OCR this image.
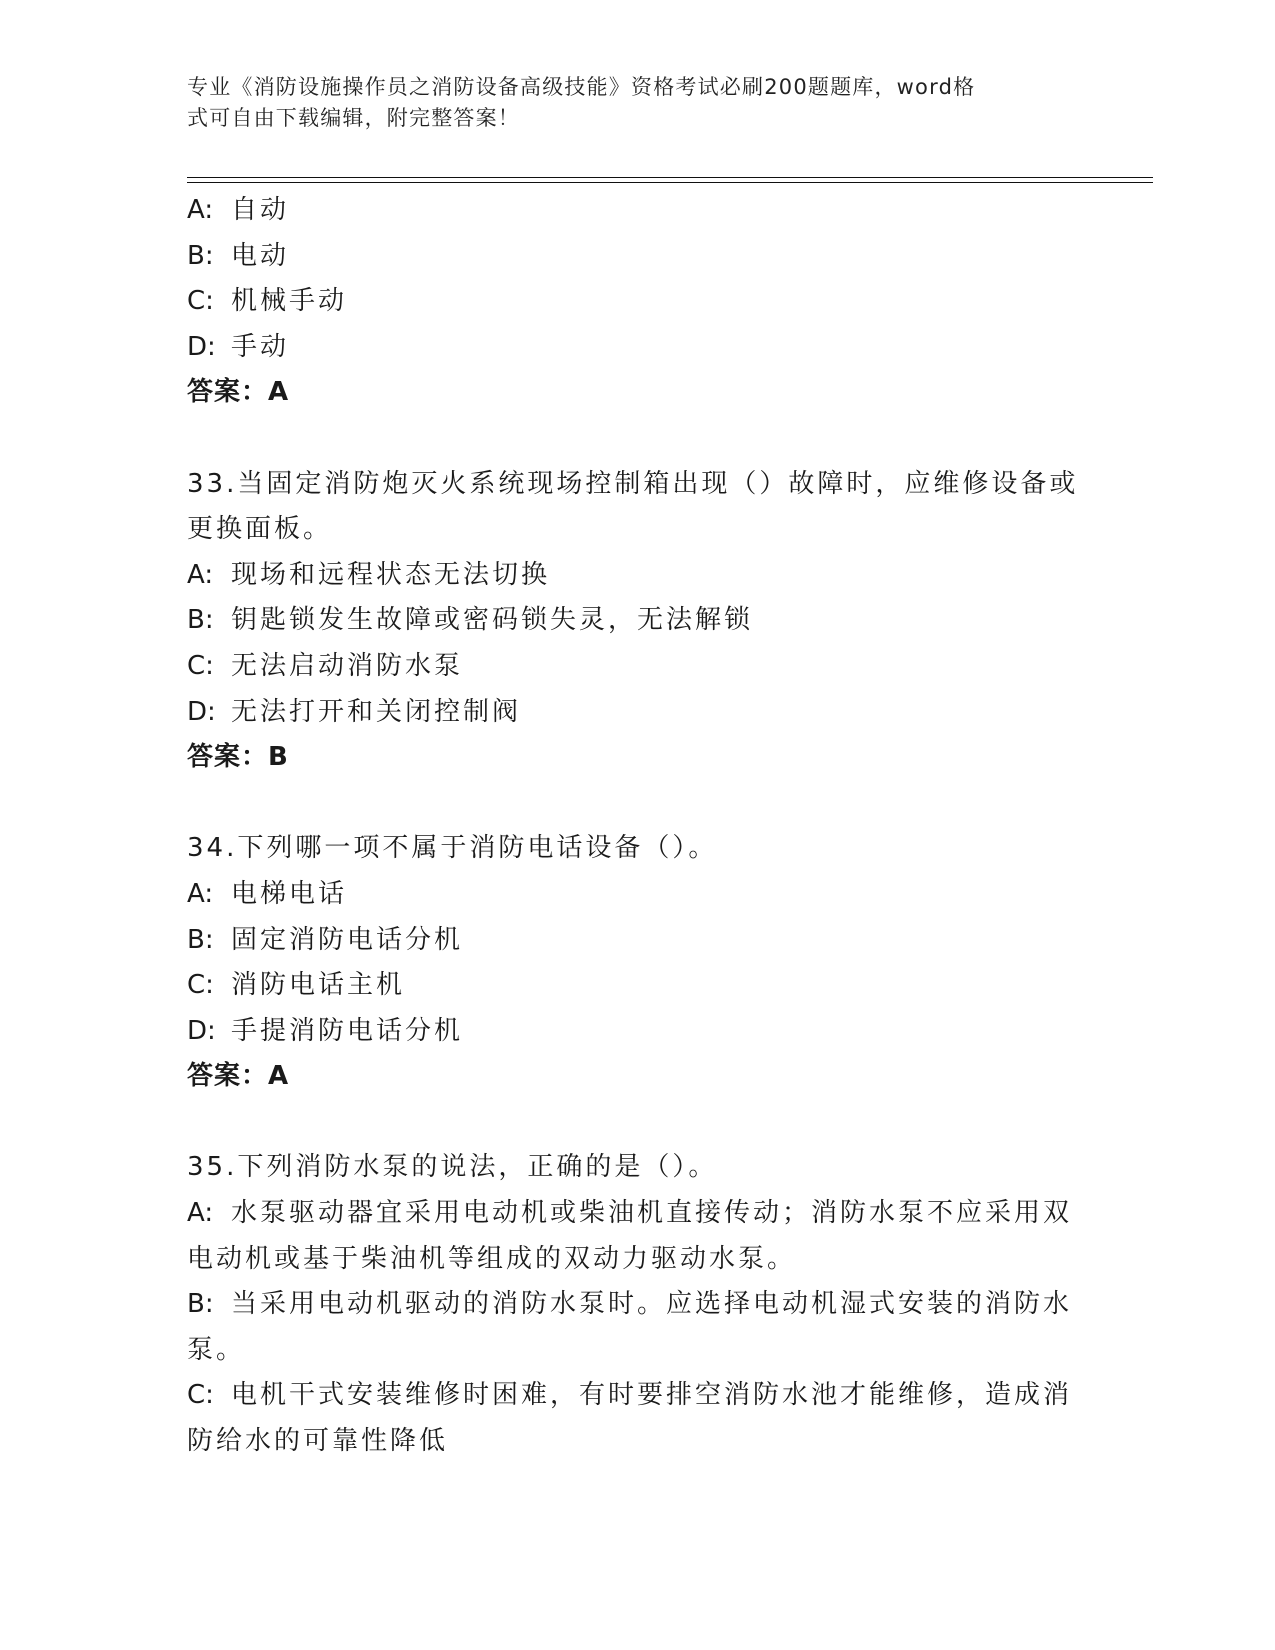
专业《消防设施操作员之消防设备高级技能》资格考试必刷200题题库，word格
式可自由下载编辑，附完整答案！
A: 自动
B: 电动
C: 机械手动
D: 手动
答案：A
33.当固定消防炮灭火系统现场控制箱出现（）故障时，应维修设备或
更换面板。
A: 现场和远程状态无法切换
B: 钥匙锁发生故障或密码锁失灵，无法解锁
C: 无法启动消防水泵
D: 无法打开和关闭控制阀
答案：B
34.下列哪一项不属于消防电话设备（）。
A: 电梯电话
B: 固定消防电话分机
C: 消防电话主机
D: 手提消防电话分机
答案：A
35.下列消防水泵的说法，正确的是（）。
A: 水泵驱动器宜采用电动机或柴油机直接传动；消防水泵不应采用双
电动机或基于柴油机等组成的双动力驱动水泵。
B: 当采用电动机驱动的消防水泵时。应选择电动机湿式安装的消防水
泵。
C: 电机干式安装维修时困难，有时要排空消防水池才能维修，造成消
防给水的可靠性降低
